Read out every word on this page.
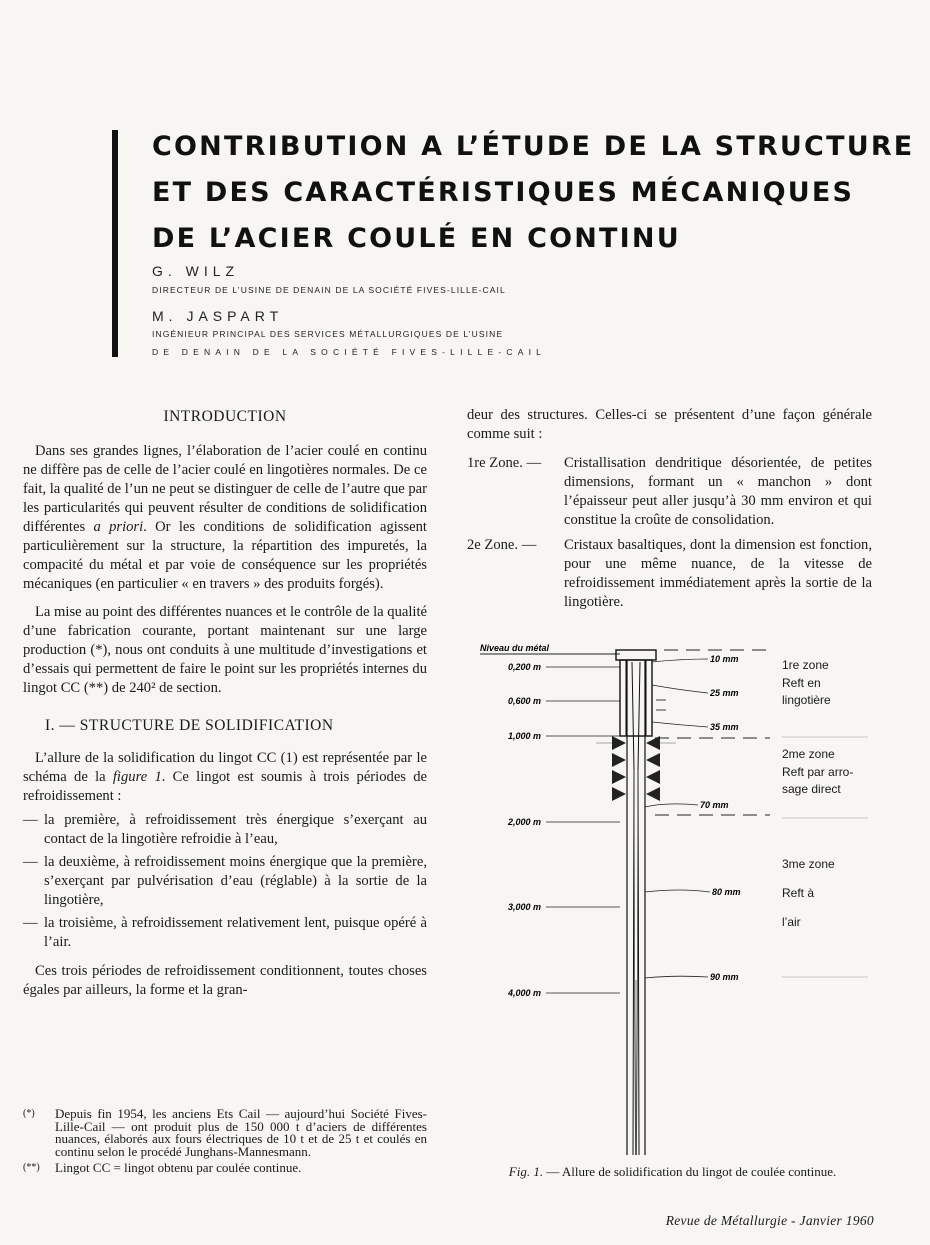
CONTRIBUTION A L’ÉTUDE DE LA STRUCTURE
ET DES CARACTÉRISTIQUES MÉCANIQUES
DE L’ACIER COULÉ EN CONTINU
G. WILZ
DIRECTEUR DE L’USINE DE DENAIN DE LA SOCIÉTÉ FIVES-LILLE-CAIL
M. JASPART
INGÉNIEUR PRINCIPAL DES SERVICES MÉTALLURGIQUES DE L’USINE
DE DENAIN DE LA SOCIÉTÉ FIVES-LILLE-CAIL
INTRODUCTION

Dans ses grandes lignes, l’élaboration de l’acier coulé en continu ne diffère pas de celle de l’acier coulé en lingotières normales. De ce fait, la qualité de l’un ne peut se distinguer de celle de l’autre que par les particularités qui peuvent résulter de conditions de solidification différentes a priori. Or les conditions de solidification agissent particulièrement sur la structure, la répartition des impuretés, la compacité du métal et par voie de conséquence sur les propriétés mécaniques (en particulier « en travers » des produits forgés).

La mise au point des différentes nuances et le contrôle de la qualité d’une fabrication courante, portant maintenant sur une large production (*), nous ont conduits à une multitude d’investigations et d’essais qui permettent de faire le point sur les propriétés internes du lingot CC (**) de 240² de section.

I. — STRUCTURE DE SOLIDIFICATION

L’allure de la solidification du lingot CC (1) est représentée par le schéma de la figure 1. Ce lingot est soumis à trois périodes de refroidissement :

— la première, à refroidissement très énergique s’exerçant au contact de la lingotière refroidie à l’eau,
— la deuxième, à refroidissement moins énergique que la première, s’exerçant par pulvérisation d’eau (réglable) à la sortie de la lingotière,
— la troisième, à refroidissement relativement lent, puisque opéré à l’air.

Ces trois périodes de refroidissement conditionnent, toutes choses égales par ailleurs, la forme et la gran-

(*) Depuis fin 1954, les anciens Ets Cail — aujourd’hui Société Fives-Lille-Cail — ont produit plus de 150 000 t d’aciers de différentes nuances, élaborés aux fours électriques de 10 t et de 25 t et coulés en continu selon le procédé Junghans-Mannesmann.
(**) Lingot CC = lingot obtenu par coulée continue.

deur des structures. Celles-ci se présentent d’une façon générale comme suit :

1re Zone. — Cristallisation dendritique désorientée, de petites dimensions, formant un « manchon » dont l’épaisseur peut aller jusqu’à 30 mm environ et qui constitue la croûte de consolidation.
2e Zone. — Cristaux basaltiques, dont la dimension est fonction, pour une même nuance, de la vitesse de refroidissement immédiatement après la sortie de la lingotière.
Niveau du métal
0,200 m
0,600 m
1,000 m
2,000 m
3,000 m
4,000 m
10 mm
25 mm
35 mm
70 mm
80 mm
90 mm
1re zone
Reft en
lingotière
2me zone
Reft par arro-
sage direct
3me zone
Reft à
l’air
Fig. 1. — Allure de solidification du lingot de coulée continue.
Revue de Métallurgie - Janvier 1960
